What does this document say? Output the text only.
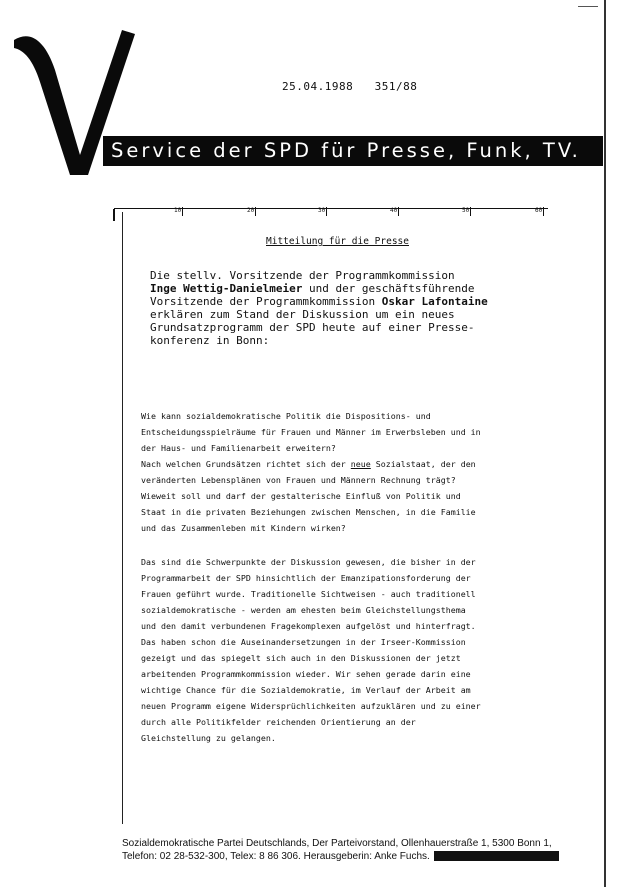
25.04.1988   351/88
Service der SPD für Presse, Funk, TV.
10	20	30	40	50	60
Mitteilung für die Presse
Die stellv. Vorsitzende der Programmkommission
Inge Wettig-Danielmeier und der geschäftsführende
Vorsitzende der Programmkommission Oskar Lafontaine
erklären zum Stand der Diskussion um ein neues
Grundsatzprogramm der SPD heute auf einer Presse-
konferenz in Bonn:
Wie kann sozialdemokratische Politik die Dispositions- und
Entscheidungsspielräume für Frauen und Männer im Erwerbsleben und in
der Haus- und Familienarbeit erweitern?
Nach welchen Grundsätzen richtet sich der neue Sozialstaat, der den
veränderten Lebensplänen von Frauen und Männern Rechnung trägt?
Wieweit soll und darf der gestalterische Einfluß von Politik und
Staat in die privaten Beziehungen zwischen Menschen, in die Familie
und das Zusammenleben mit Kindern wirken?
Das sind die Schwerpunkte der Diskussion gewesen, die bisher in der
Programmarbeit der SPD hinsichtlich der Emanzipationsforderung der
Frauen geführt wurde. Traditionelle Sichtweisen - auch traditionell
sozialdemokratische - werden am ehesten beim Gleichstellungsthema
und den damit verbundenen Fragekomplexen aufgelöst und hinterfragt.
Das haben schon die Auseinandersetzungen in der Irseer-Kommission
gezeigt und das spiegelt sich auch in den Diskussionen der jetzt
arbeitenden Programmkommission wieder. Wir sehen gerade darin eine
wichtige Chance für die Sozialdemokratie, im Verlauf der Arbeit am
neuen Programm eigene Widersprüchlichkeiten aufzuklären und zu einer
durch alle Politikfelder reichenden Orientierung an der
Gleichstellung zu gelangen.
Sozialdemokratische Partei Deutschlands, Der Parteivorstand, Ollenhauerstraße 1, 5300 Bonn 1,
Telefon: 02 28-532-300, Telex: 8 86 306. Herausgeberin: Anke Fuchs.
